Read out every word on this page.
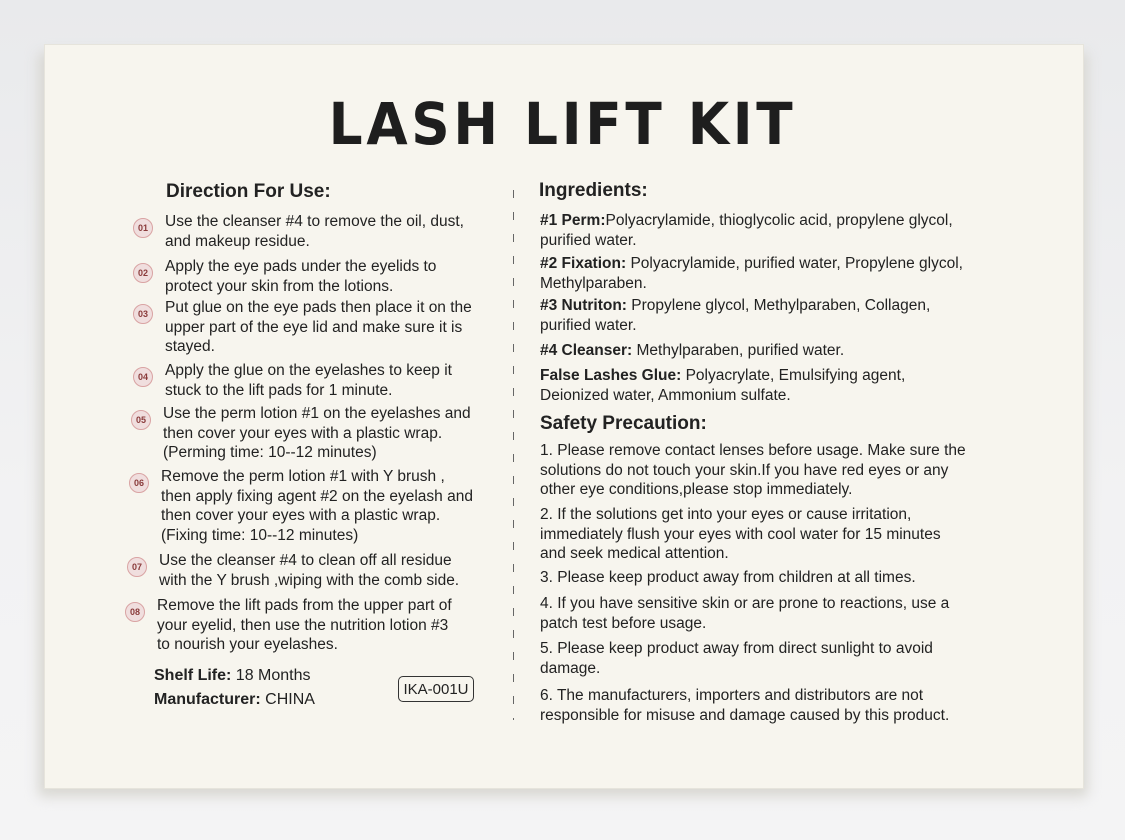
LASH LIFT KIT
Direction For Use:
01	Use the cleanser #4 to remove the oil, dust,
and makeup residue.
02	Apply the eye pads under the eyelids to
protect your skin from the lotions.
03	Put glue on the eye pads then place it on the
upper part of the eye lid and make sure it is
stayed.
04	Apply the glue on the eyelashes to keep it
stuck to the lift pads for 1 minute.
05	Use the perm lotion #1 on the eyelashes and
then cover your eyes with a plastic wrap.
(Perming time: 10--12 minutes)
06	Remove the perm lotion #1 with Y brush ,
then apply fixing agent #2 on the eyelash and
then cover your eyes with a plastic wrap.
(Fixing time: 10--12 minutes)
07	Use the cleanser #4 to clean off all residue
with the Y brush ,wiping with the comb side.
08	Remove the lift pads from the upper part of
your eyelid, then use the nutrition lotion #3
to nourish your eyelashes.
Shelf Life: 18 Months
Manufacturer: CHINA
IKA-001U
Ingredients:
#1 Perm:Polyacrylamide, thioglycolic acid, propylene glycol,
purified water.
#2 Fixation: Polyacrylamide, purified water, Propylene glycol,
Methylparaben.
#3 Nutriton: Propylene glycol, Methylparaben, Collagen,
purified water.
#4 Cleanser: Methylparaben, purified water.
False Lashes Glue: Polyacrylate, Emulsifying agent,
Deionized water, Ammonium sulfate.
Safety Precaution:
1. Please remove contact lenses before usage. Make sure the
solutions do not touch your skin.If you have red eyes or any
other eye conditions,please stop immediately.
2. If the solutions get into your eyes or cause irritation,
immediately flush your eyes with cool water for 15 minutes
and seek medical attention.
3. Please keep product away from children at all times.
4. If you have sensitive skin or are prone to reactions, use a
patch test before usage.
5. Please keep product away from direct sunlight to avoid
damage.
6. The manufacturers, importers and distributors are not
responsible for misuse and damage caused by this product.
